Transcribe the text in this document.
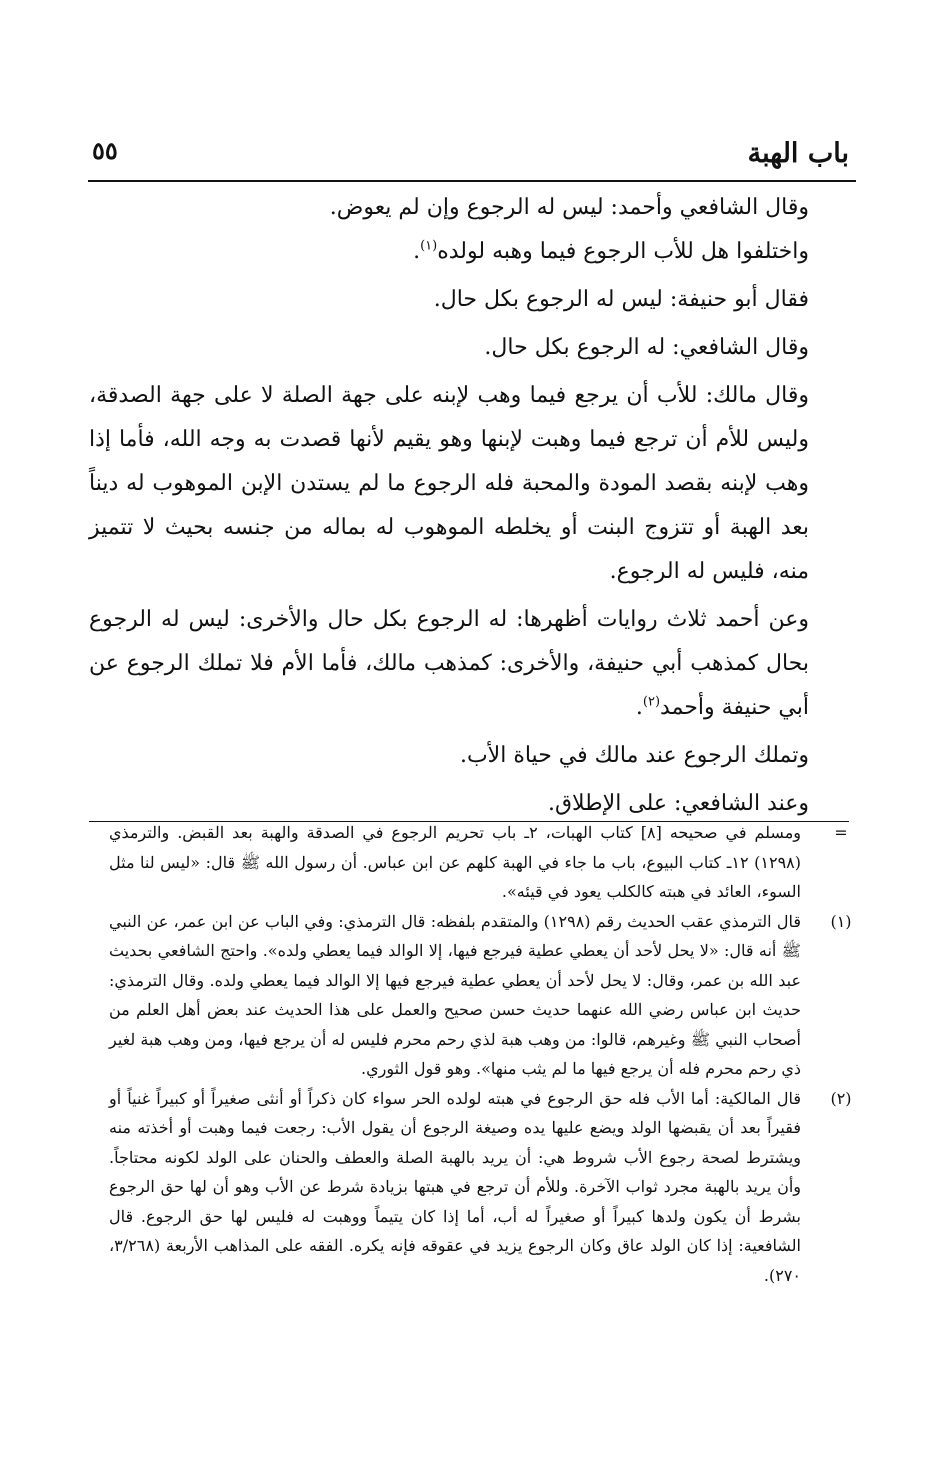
باب الهبة
٥٥

وقال الشافعي وأحمد: ليس له الرجوع وإن لم يعوض.

واختلفوا هل للأب الرجوع فيما وهبه لولده$^{(١)}$.

فقال أبو حنيفة: ليس له الرجوع بكل حال.

وقال الشافعي: له الرجوع بكل حال.

وقال مالك: للأب أن يرجع فيما وهب لإبنه على جهة الصلة لا على جهة الصدقة، وليس للأم أن ترجع فيما وهبت لإبنها وهو يقيم لأنها قصدت به وجه الله، فأما إذا وهب لإبنه بقصد المودة والمحبة فله الرجوع ما لم يستدن الإبن الموهوب له ديناً بعد الهبة أو تتزوج البنت أو يخلطه الموهوب له بماله من جنسه بحيث لا تتميز منه، فليس له الرجوع.

وعن أحمد ثلاث روايات أظهرها: له الرجوع بكل حال والأخرى: ليس له الرجوع بحال كمذهب أبي حنيفة، والأخرى: كمذهب مالك، فأما الأم فلا تملك الرجوع عن أبي حنيفة وأحمد$^{(٢)}$.

وتملك الرجوع عند مالك في حياة الأب.

وعند الشافعي: على الإطلاق.

=
ومسلم في صحيحه [٨] كتاب الهبات، ٢ـ باب تحريم الرجوع في الصدقة والهبة بعد القبض. والترمذي (١٢٩٨) ١٢ـ كتاب البيوع، باب ما جاء في الهبة كلهم عن ابن عباس. أن رسول الله ﷺ قال: «ليس لنا مثل السوء، العائد في هبته كالكلب يعود في قيئه».
(١)
قال الترمذي عقب الحديث رقم (١٢٩٨) والمتقدم بلفظه: قال الترمذي: وفي الباب عن ابن عمر، عن النبي ﷺ أنه قال: «لا يحل لأحد أن يعطي عطية فيرجع فيها، إلا الوالد فيما يعطي ولده». واحتج الشافعي بحديث عبد الله بن عمر، وقال: لا يحل لأحد أن يعطي عطية فيرجع فيها إلا الوالد فيما يعطي ولده. وقال الترمذي: حديث ابن عباس رضي الله عنهما حديث حسن صحيح والعمل على هذا الحديث عند بعض أهل العلم من أصحاب النبي ﷺ وغيرهم، قالوا: من وهب هبة لذي رحم محرم فليس له أن يرجع فيها، ومن وهب هبة لغير ذي رحم محرم فله أن يرجع فيها ما لم يثب منها». وهو قول الثوري.
(٢)
قال المالكية: أما الأب فله حق الرجوع في هبته لولده الحر سواء كان ذكراً أو أنثى صغيراً أو كبيراً غنياً أو فقيراً بعد أن يقبضها الولد ويضع عليها يده وصيغة الرجوع أن يقول الأب: رجعت فيما وهبت أو أخذته منه ويشترط لصحة رجوع الأب شروط هي: أن يريد بالهبة الصلة والعطف والحنان على الولد لكونه محتاجاً. وأن يريد بالهبة مجرد ثواب الآخرة. وللأم أن ترجع في هبتها بزيادة شرط عن الأب وهو أن لها حق الرجوع بشرط أن يكون ولدها كبيراً أو صغيراً له أب، أما إذا كان يتيماً ووهبت له فليس لها حق الرجوع. قال الشافعية: إذا كان الولد عاق وكان الرجوع يزيد في عقوقه فإنه يكره. الفقه على المذاهب الأربعة (٣/٢٦٨، ٢٧٠).
